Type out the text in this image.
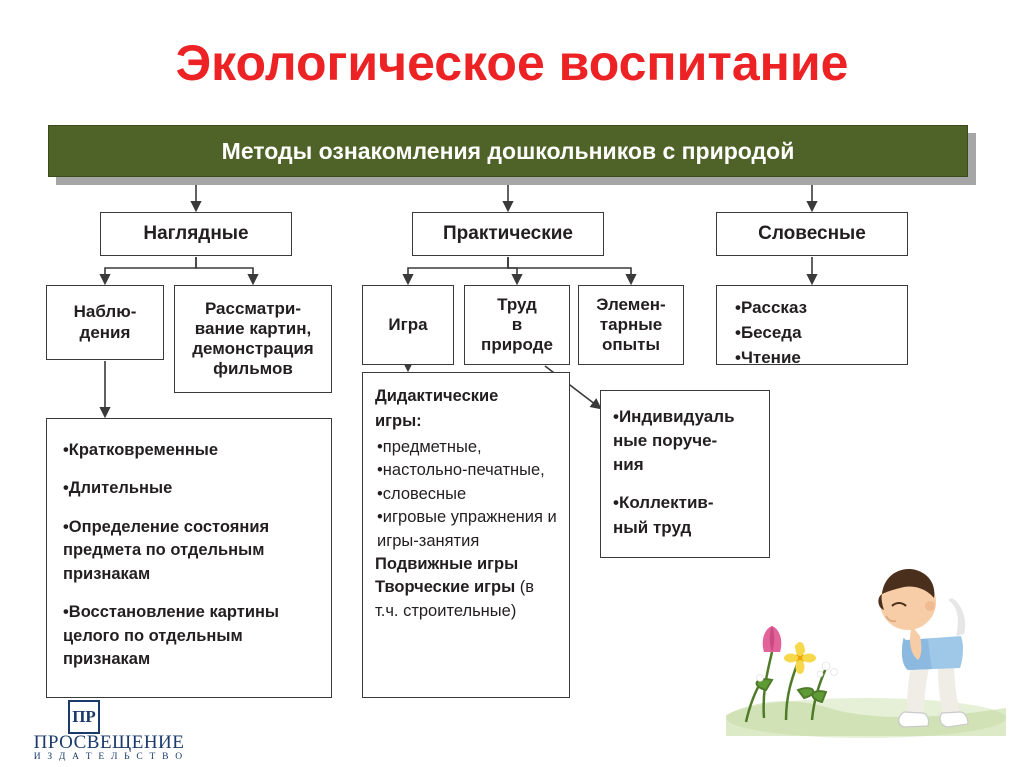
Экологическое воспитание
Методы ознакомления дошкольников с природой
Наглядные	Практические	Словесные
Наблю-
дения
Рассматри-
вание картин,
демонстрация
фильмов
Игра
Труд
в
природе
Элемен-
тарные
опыты
•Рассказ
•Беседа
•Чтение
•Кратковременные
•Длительные
•Определение состояния предмета по отдельным признакам
•Восстановление картины целого по отдельным признакам
Дидактические
игры:
•предметные,
•настольно-печатные,
•словесные
•игровые упражнения и игры-занятия
Подвижные игры
Творческие игры (в т.ч. строительные)
•Индивидуаль
ные поруче-
ния
•Коллектив-
ный труд
ПР
ПРОСВЕЩЕНИЕ
И З Д А Т Е Л Ь С Т В О
